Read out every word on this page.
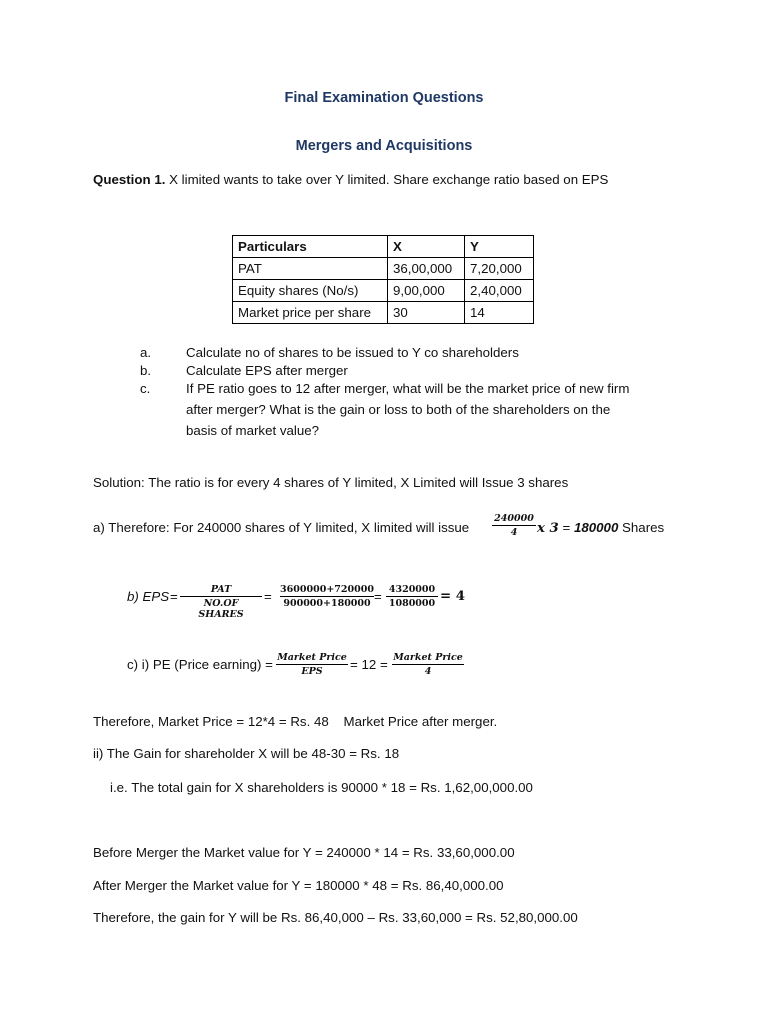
Final Examination Questions
Mergers and Acquisitions
Question 1. X limited wants to take over Y limited. Share exchange ratio based on EPS
Particulars	X	Y
PAT	36,00,000	7,20,000
Equity shares (No/s)	9,00,000	2,40,000
Market price per share	30	14
a.	Calculate no of shares to be issued to Y co shareholders
b.	Calculate EPS after merger
c.	If PE ratio goes to 12 after merger, what will be the market price of new firm
after merger? What is the gain or loss to both of the shareholders on the
basis of market value?
Solution: The ratio is for every 4 shares of Y limited, X Limited will Issue 3 shares
a) Therefore: For 240000 shares of Y limited, X limited will issue
240000
4	x 3 = 180000 Shares
b) EPS =	PAT
NO.OF SHARES
= 3600000+720000
900000+180000 = 4320000
1080000 = 4
c) i) PE (Price earning) = Market Price
EPS	= 12 = Market Price
4
Therefore, Market Price = 12*4 = Rs. 48    Market Price after merger.
ii) The Gain for shareholder X will be 48-30 = Rs. 18
i.e. The total gain for X shareholders is 90000 * 18 = Rs. 1,62,00,000.00
Before Merger the Market value for Y = 240000 * 14 = Rs. 33,60,000.00
After Merger the Market value for Y = 180000 * 48 = Rs. 86,40,000.00
Therefore, the gain for Y will be Rs. 86,40,000 – Rs. 33,60,000 = Rs. 52,80,000.00
